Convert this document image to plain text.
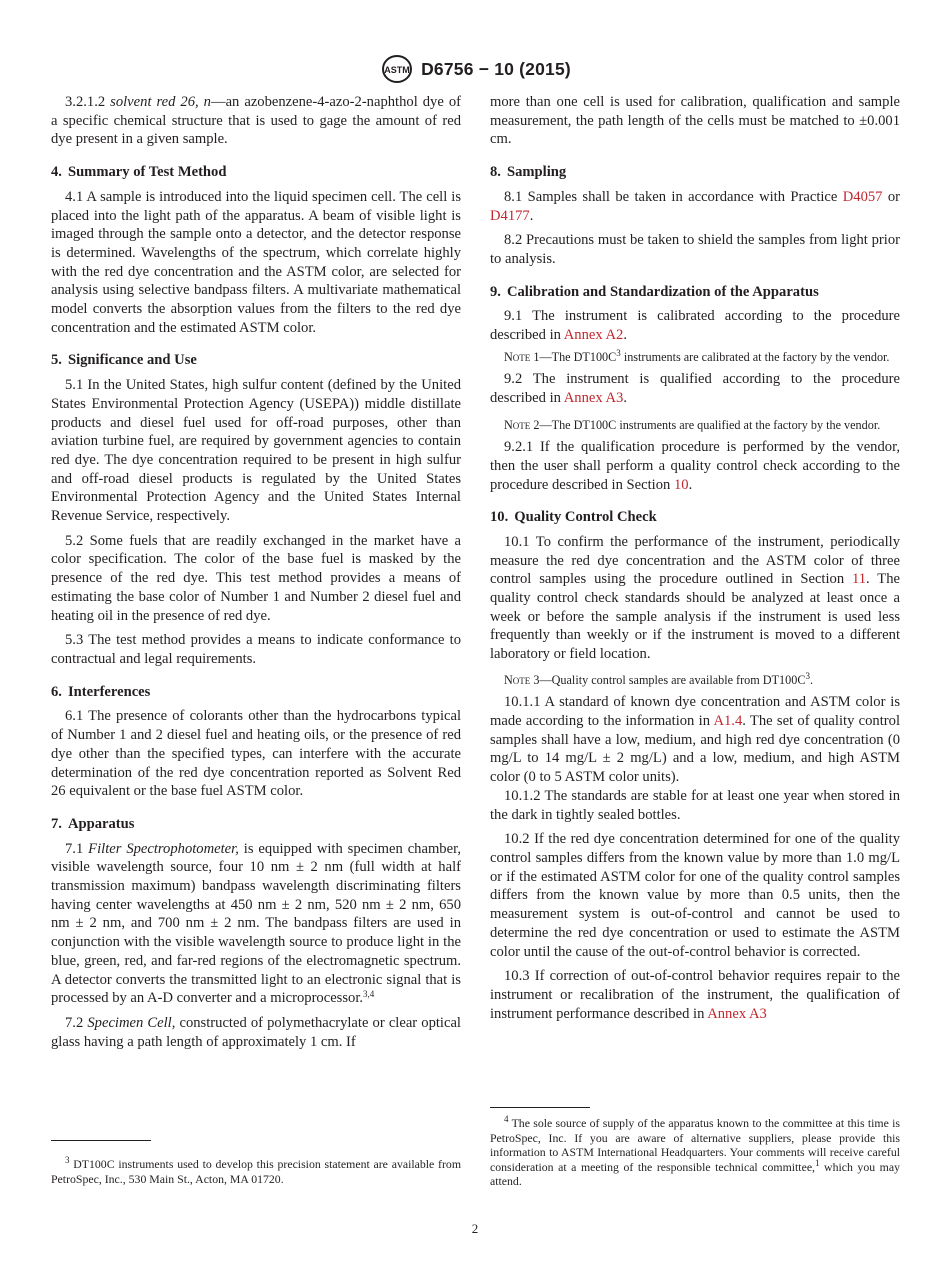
ASTM D6756 − 10 (2015)

3.2.1.2 solvent red 26, n—an azobenzene-4-azo-2-naphthol dye of a specific chemical structure that is used to gage the amount of red dye present in a given sample.

4. Summary of Test Method

4.1 A sample is introduced into the liquid specimen cell. The cell is placed into the light path of the apparatus. A beam of visible light is imaged through the sample onto a detector, and the detector response is determined. Wavelengths of the spectrum, which correlate highly with the red dye concentration and the ASTM color, are selected for analysis using selective bandpass filters. A multivariate mathematical model converts the absorption values from the filters to the red dye concentration and the estimated ASTM color.

5. Significance and Use

5.1 In the United States, high sulfur content (defined by the United States Environmental Protection Agency (USEPA)) middle distillate products and diesel fuel used for off-road purposes, other than aviation turbine fuel, are required by government agencies to contain red dye. The dye concentration required to be present in high sulfur and off-road diesel products is regulated by the United States Environmental Protection Agency and the United States Internal Revenue Service, respectively.

5.2 Some fuels that are readily exchanged in the market have a color specification. The color of the base fuel is masked by the presence of the red dye. This test method provides a means of estimating the base color of Number 1 and Number 2 diesel fuel and heating oil in the presence of red dye.

5.3 The test method provides a means to indicate conformance to contractual and legal requirements.

6. Interferences

6.1 The presence of colorants other than the hydrocarbons typical of Number 1 and 2 diesel fuel and heating oils, or the presence of red dye other than the specified types, can interfere with the accurate determination of the red dye concentration reported as Solvent Red 26 equivalent or the base fuel ASTM color.

7. Apparatus

7.1 Filter Spectrophotometer, is equipped with specimen chamber, visible wavelength source, four 10 nm ± 2 nm (full width at half transmission maximum) bandpass wavelength discriminating filters having center wavelengths at 450 nm ± 2 nm, 520 nm ± 2 nm, 650 nm ± 2 nm, and 700 nm ± 2 nm. The bandpass filters are used in conjunction with the visible wavelength source to produce light in the blue, green, red, and far-red regions of the electromagnetic spectrum. A detector converts the transmitted light to an electronic signal that is processed by an A-D converter and a microprocessor.$^{3,4}$

7.2 Specimen Cell, constructed of polymethacrylate or clear optical glass having a path length of approximately 1 cm. If

$^3$ DT100C instruments used to develop this precision statement are available from PetroSpec, Inc., 530 Main St., Acton, MA 01720.

more than one cell is used for calibration, qualification and sample measurement, the path length of the cells must be matched to ±0.001 cm.

8. Sampling

8.1 Samples shall be taken in accordance with Practice D4057 or D4177.

8.2 Precautions must be taken to shield the samples from light prior to analysis.

9. Calibration and Standardization of the Apparatus

9.1 The instrument is calibrated according to the procedure described in Annex A2.

Note 1—The $DT100C^3$ instruments are calibrated at the factory by the vendor.

9.2 The instrument is qualified according to the procedure described in Annex A3.

Note 2—The DT100C instruments are qualified at the factory by the vendor.

9.2.1 If the qualification procedure is performed by the vendor, then the user shall perform a quality control check according to the procedure described in Section 10.

10. Quality Control Check

10.1 To confirm the performance of the instrument, periodically measure the red dye concentration and the ASTM color of three control samples using the procedure outlined in Section 11. The quality control check standards should be analyzed at least once a week or before the sample analysis if the instrument is used less frequently than weekly or if the instrument is moved to a different laboratory or field location.

Note 3—Quality control samples are available from $DT100C^3$.

10.1.1 A standard of known dye concentration and ASTM color is made according to the information in A1.4. The set of quality control samples shall have a low, medium, and high red dye concentration (0 mg/L to 14 mg/L ± 2 mg/L) and a low, medium, and high ASTM color (0 to 5 ASTM color units).

10.1.2 The standards are stable for at least one year when stored in the dark in tightly sealed bottles.

10.2 If the red dye concentration determined for one of the quality control samples differs from the known value by more than 1.0 mg/L or if the estimated ASTM color for one of the quality control samples differs from the known value by more than 0.5 units, then the measurement system is out-of-control and cannot be used to determine the red dye concentration or used to estimate the ASTM color until the cause of the out-of-control behavior is corrected.

10.3 If correction of out-of-control behavior requires repair to the instrument or recalibration of the instrument, the qualification of instrument performance described in Annex A3

$^4$ The sole source of supply of the apparatus known to the committee at this time is PetroSpec, Inc. If you are aware of alternative suppliers, please provide this information to ASTM International Headquarters. Your comments will receive careful consideration at a meeting of the responsible technical committee,$^1$ which you may attend.

2
